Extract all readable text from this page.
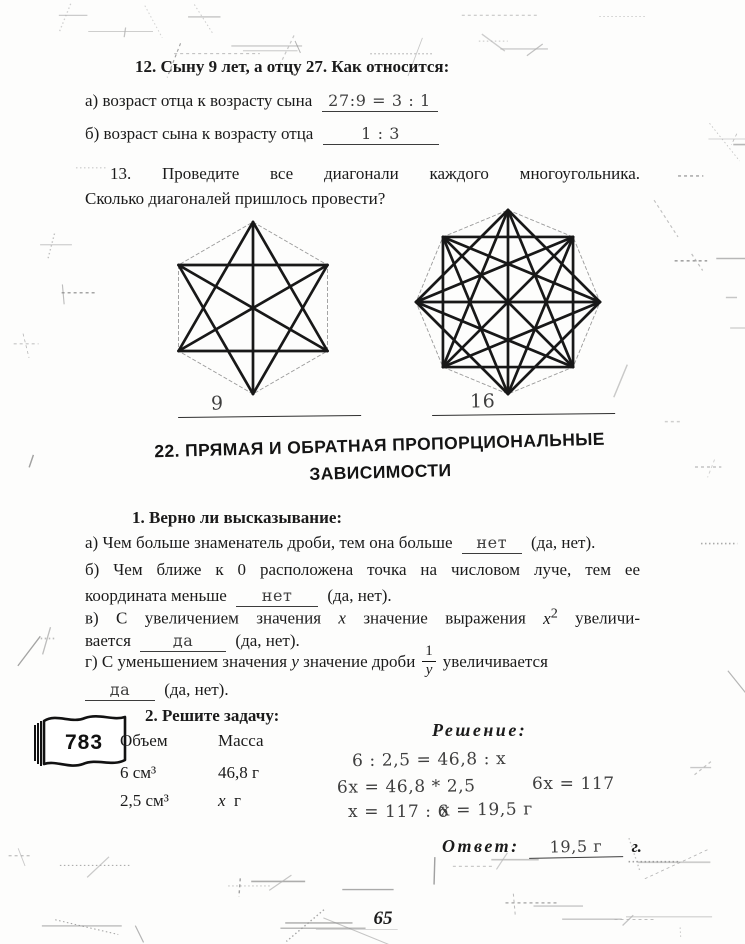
12. Сыну 9 лет, а отцу 27. Как относится:
а) возраст отца к возрасту сына 27:9 = 3 : 1
б) возраст сына к возрасту отца	1 : 3
13. Проведите все диагонали каждого многоугольника.
Сколько диагоналей пришлось провести?
9	16
22. ПРЯМАЯ И ОБРАТНАЯ ПРОПОРЦИОНАЛЬНЫЕ
ЗАВИСИМОСТИ
1. Верно ли высказывание:
а) Чем больше знаменатель дроби, тем она больше нет (да, нет).
б) Чем ближе к 0 расположена точка на числовом луче, тем ее
координата меньше нет (да, нет).
в) С увеличением значения x значение выражения $x^2$ увеличи-
вается	да (да, нет).
г) С уменьшением значения y значение дроби $\frac{1}{y}$ увеличивается
да (да, нет).
783
2. Решите задачу:
Объем	Масса
6 см³	46,8 г
2,5 см³	x г
Решение:
6 : 2,5 = 46,8 : x
6x = 46,8 * 2,5	6x = 117
x = 117 : 6
x = 19,5 г
Ответ: 19,5 г г.
65
